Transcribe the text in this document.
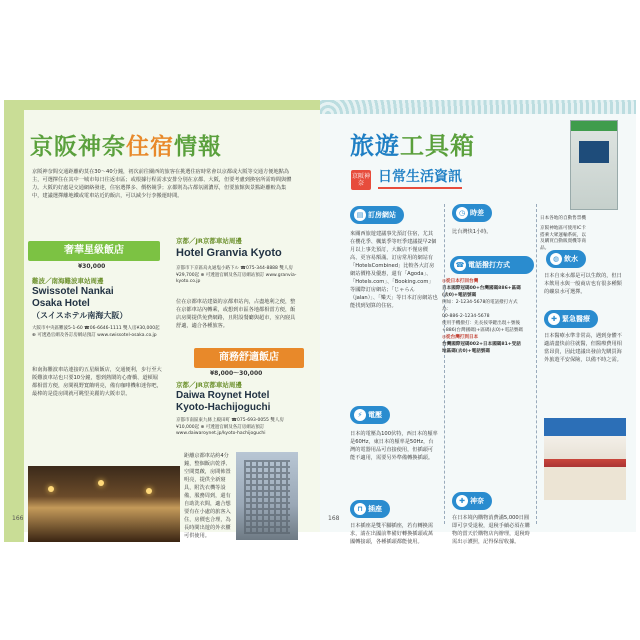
京阪神奈住宿情報

京阪神奈間交通距離約莫在30～40分鐘，初次前往關西的旅客在挑選住宿時常會以京都或大阪等交通方便地點為主，可選擇住在其中一城市每日往返市區；或根據行程需求安排分別在京都、大阪，但要考慮到換宿所需時間與體力。大阪的好處是交通網絡發達，住宿選擇多、價格競爭；京都則為古都氛圍濃厚，但要旅館與景點距離較為集中，建議選擇離地鐵或電車站近的飯店，可以減少行李搬運時間。

奢華星級飯店
¥30,000
難波／南海難波車站周邊
Swissotel Nankai
Osaka Hotel
（スイスホテル南海大阪）
大阪市中央區難波5-1-60 ☎06-6646-1111 雙人房¥30,000起 ⊕ 可透過官網及各訂房網站預訂 www.swissotel-osaka.co.jp
和南海難波車站連接的五星級飯店，交通便利，步行至大阪難波車站也只要10分鐘，想到熱鬧的心齋橋、道頓堀都相當方便，房間視野寬敞明亮，備有咖啡機和迷你吧，最棒的是從房間就可眺望美麗的大阪市景。
京都／JR京都車站周邊
Hotel Granvia Kyoto
京都市下京區烏丸通塩小路下ル ☎075-344-8888 雙人房¥29,700起 ⊕ 可透過官網及各訂房網站預訂 www.granvia-kyoto.co.jp
位在京都車站建築的京都車站內，占盡地利之便，整在京都車站內轉乘，或想到市區各地都相當方便，飯店房間提供免費網路，且附設餐廳與超市，室內寢具舒適，適合各種旅客。
商務舒適飯店
¥8,000～30,000
京都／JR京都車站周邊
Daiwa Roynet Hotel
Kyoto-Hachijoguchi
京都市南區東九條上殿田町 ☎075-693-0055 雙人房¥10,000起 ⊕ 可透過官網及各訂房網站預訂 www.daiwaroynet.jp/kyoto-hachijoguchi
距離京都車站約4分鐘，整個飯店乾淨、空間寬敞，房間佈置明亮，提供全新寢具，附洗衣機等設備，服務周到，還有自助洗衣間，適合想要有在小處的旅客入住，房價也合理，為長時間出遊的外衣櫃可供使用。
166
旅遊工具箱
京阪神奈	日常生活資訊
▤ 訂房網站
來關西旅遊建議事先預訂住宿，尤其在櫻花季、楓葉季等旺季建議提早2個月以上事先預訂，大飯店不僅房價高、更容易額滿。訂房常用的網站有「HotelsCombined」比較各大訂房網站價格及優惠，還有「Agoda」、「Hotels.com」、「Booking.com」等國際訂房網站；「じゃらん（jalan）」、「樂天」等日本訂房網站也能找到划算的住宿。
⚡ 電壓
日本的電壓為100伏特，西日本的頻率是60Hz，東日本的頻率是50Hz，台灣的電器用品可直接使用，但插頭可能不適用，需要另外準備轉換插頭。
⊓ 插座
日本插座是雙平腳插座，若有轉換需求，請在出國前準備好轉換插頭或萬國轉接頭，各種插頭都能使用。
◷ 時差
比台灣快1小時。
☎ 電話撥打方式
◎從日本打回台灣
日本國際冠碼00+台灣國碼886+區碼(去0)+電話號碼
例如：2-1234-5678的電話撥打方式為：
00-886-2-1234-5678
使用手機撥打：先長按零鍵出現＋號後+886(台灣國碼)+區碼(去0)+電話號碼
◎從台灣打到日本
台灣國際冠碼002+日本國碼81+受話地區碼(去0)+電話號碼
✚ 神奈
在日本境內購物消費滿5,000日圓即可享受退稅，退稅手續必須在購物的當天於購物店內辦理，退稅時需出示護照，記得保留收據。
日本各地的自動售票機
京阪神地區可使用IC卡搭乘大眾運輸系統，以及購買自動販賣機等商品。
◍ 飲水
日本自來水都是可以生飲的，但日本飲用水與一般商店也有很多種類的礦泉水可選擇。
✚ 緊急醫療
日本醫療水準非常高，遇到身體不適請盡快前往就醫，但醫療費用相當昂貴，因此建議出發前先購買海外旅遊平安保險，以備不時之需。
168
